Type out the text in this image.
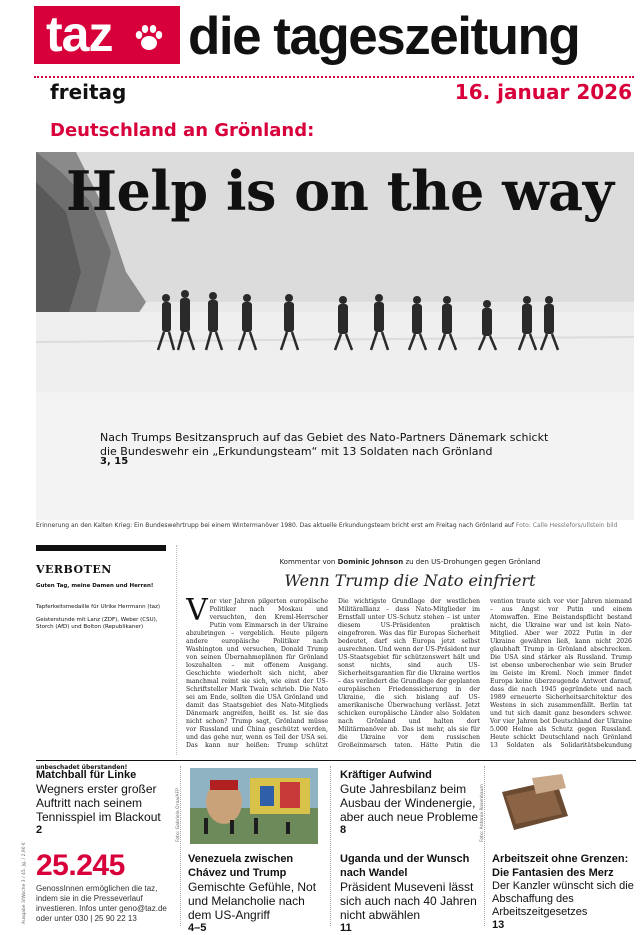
taz die tageszeitung
freitag	16. januar 2026
Deutschland an Grönland:
Help is on the way
Nach Trumps Besitzanspruch auf das Gebiet des Nato-Partners Dänemark schickt die Bundeswehr ein „Erkundungsteam“ mit 13 Soldaten nach Grönland
3, 15
Erinnerung an den Kalten Krieg: Ein Bundeswehrtrupp bei einem Wintermanöver 1980. Das aktuelle Erkundungsteam bricht erst am Freitag nach Grönland auf Foto: Calle Hesslefors/ullstein bild
VERBOTEN
Guten Tag, meine Damen und Herren!
Tapferkeitsmedaille für Ulrike Herrmann (taz)
Geisterstunde mit Lanz (ZDF), Weber (CSU), Storch (AfD) und Bolton (Republikaner)
unbeschadet überstanden!
Kommentar von Dominic Johnson zu den US-Drohungen gegen Grönland
Wenn Trump die Nato einfriert
Vor vier Jahren pilgerten europäische Politiker nach Moskau und versuchten, den Kreml-Herrscher Putin vom Einmarsch in der Ukraine abzubringen – vergeblich. Heute pilgern andere europäische Politiker nach Washington und versuchen, Donald Trump von seinen Übernahmeplänen für Grönland loszuhalten – mit offenem Ausgang. Geschichte wiederholt sich nicht, aber manchmal reimt sie sich, wie einst der US-Schriftsteller Mark Twain schrieb. Die Nato sei am Ende, sollten die USA Grönland und damit das Staatsgebiet des Nato-Mitglieds Dänemark angreifen, heißt es. Ist sie das nicht schon? Trump sagt, Grönland müsse vor Russland und China geschützt werden, und das gehe nur, wenn es Teil der USA sei. Das kann nur heißen: Trump schützt
Die wichtigste Grundlage der westlichen Militärallianz – dass Nato-Mitglieder im Ernstfall unter US-Schutz stehen – ist unter diesem US-Präsidenten praktisch eingefroren. Was das für Europas Sicherheit bedeutet, darf sich Europa jetzt selbst ausrechnen. Und wenn der US-Präsident nur US-Staatsgebiet für schützenswert hält und sonst nichts, sind auch US-Sicherheitsgarantien für die Ukraine wertlos – das verändert die Grundlage der geplanten europäischen Friedenssicherung in der Ukraine, die sich bislang auf US-amerikanische Überwachung verlässt. Jetzt schicken europäische Länder also Soldaten nach Grönland und halten dort Militärmanöver ab. Das ist mehr, als sie für die Ukraine vor dem russischen Großeinmarsch taten. Hätte Putin die
vention traute sich vor vier Jahren niemand – aus Angst vor Putin und einem Atomwaffen. Eine Beistandspflicht bestand nicht, die Ukraine war und ist kein Nato-Mitglied. Aber wer 2022 Putin in der Ukraine gewähren ließ, kann nicht 2026 glaubhaft Trump in Grönland abschrecken. Die USA sind stärker als Russland. Trump ist ebenso unberechenbar wie sein Bruder im Geiste im Kreml. Noch immer findet Europa keine überzeugende Antwort darauf, dass die nach 1945 gegründete und nach 1989 erneuerte Sicherheitsarchitektur des Westens in sich zusammenfällt. Berlin tat und tut sich damit ganz besonders schwer. Vor vier Jahren bot Deutschland der Ukraine 5.000 Helme als Schutz gegen Russland. Heute schickt Deutschland nach Grönland 13 Soldaten als Solidaritätsbekundung
Matchball für Linke
Wegners erster großer Auftritt nach seinem Tennisspiel im Blackout
2
25.245
GenossInnen ermöglichen die taz, indem sie in die Presseverlauf investieren. Infos unter geno@taz.de oder unter 030 | 25 90 22 13
Ausgabe 3/Woche 3 / 45. Jg. / 2,90 €
Foto: Gabriela Oraa/AFP
Venezuela zwischen Chávez und Trump
Gemischte Gefühle, Not und Melancholie nach dem US-Angriff
4–5
Kräftiger Aufwind
Gute Jahresbilanz beim Ausbau der Windenergie, aber auch neue Probleme
8
Uganda und der Wunsch nach Wandel
Präsident Museveni lässt sich auch nach 40 Jahren nicht abwählen
11
Foto: Antonia Rosenbaum
Arbeitszeit ohne Grenzen: Die Fantasien des Merz
Der Kanzler wünscht sich die Abschaffung des Arbeitszeitgesetzes
13
